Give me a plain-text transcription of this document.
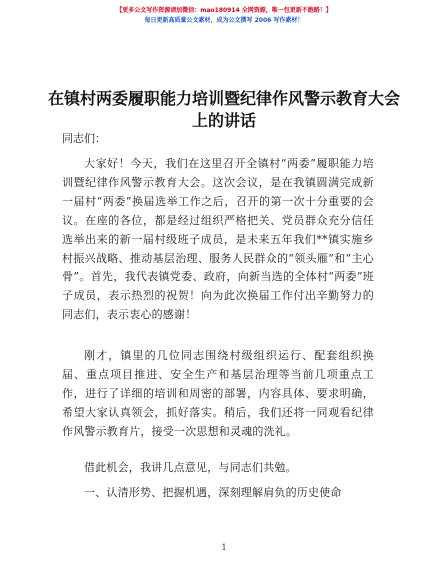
【更多公文写作资源请加微信：mao180914 全网资源，唯一包更新不跑路！】
每日更新高质量公文素材，成为公文撰写 2006 写作素材！
在镇村两委履职能力培训暨纪律作风警示教育大会上的讲话

同志们：

大家好！今天，我们在这里召开全镇村“两委”履职能力培训暨纪律作风警示教育大会。这次会议，是在我镇圆满完成新一届村“两委”换届选举工作之后，召开的第一次十分重要的会议。在座的各位，都是经过组织严格把关、党员群众充分信任选举出来的新一届村级班子成员，是未来五年我们**镇实施乡村振兴战略、推动基层治理、服务人民群众的“领头雁”和“主心骨”。首先，我代表镇党委、政府，向新当选的全体村“两委”班子成员，表示热烈的祝贺！向为此次换届工作付出辛勤努力的同志们，表示衷心的感谢！

刚才，镇里的几位同志围绕村级组织运行、配套组织换届、重点项目推进、安全生产和基层治理等当前几项重点工作，进行了详细的培训和周密的部署，内容具体、要求明确，希望大家认真领会，抓好落实。稍后，我们还将一同观看纪律作风警示教育片，接受一次思想和灵魂的洗礼。

借此机会，我讲几点意见，与同志们共勉。

一、认清形势、把握机遇，深刻理解肩负的历史使命

1
